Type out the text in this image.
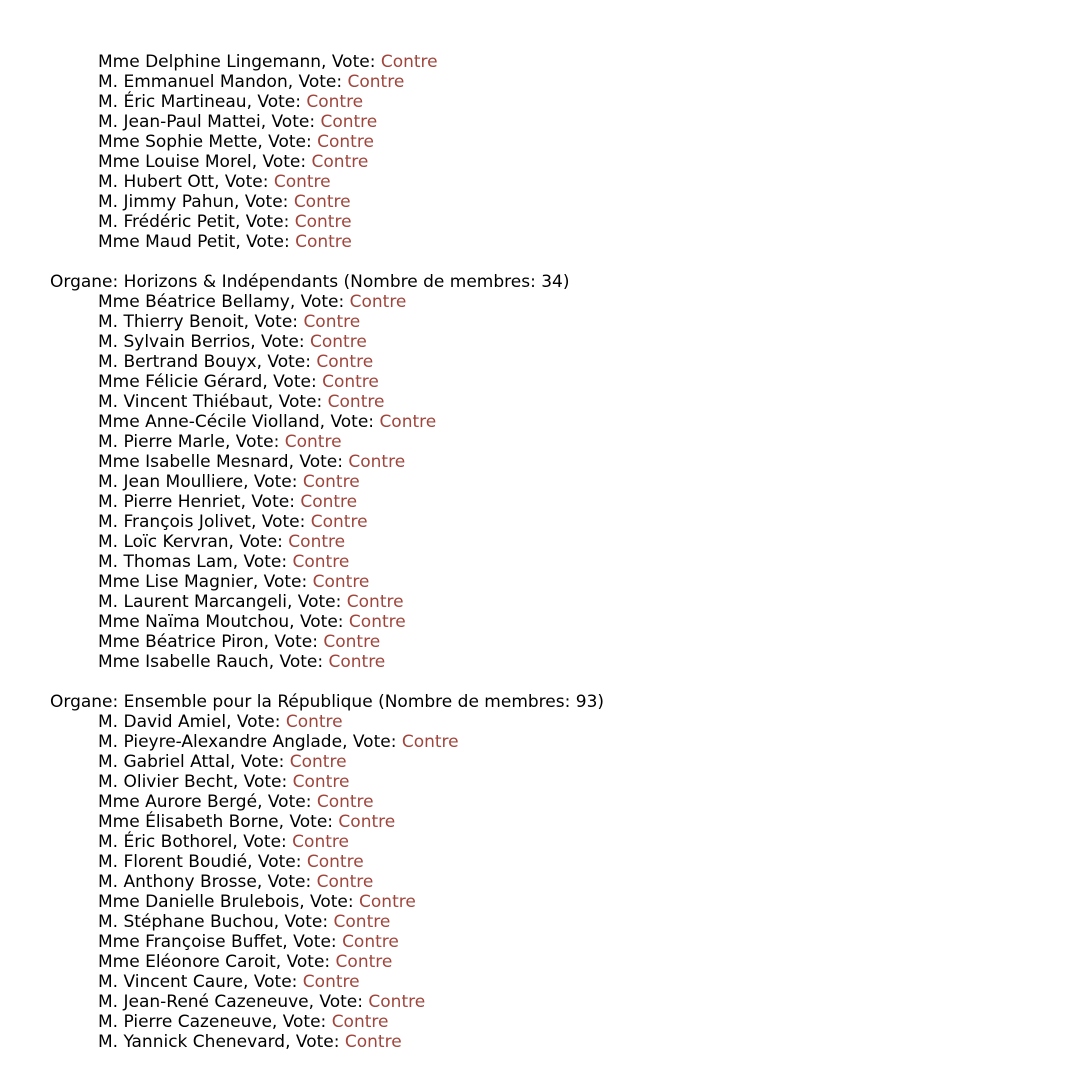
Mme Delphine Lingemann, Vote: Contre
M. Emmanuel Mandon, Vote: Contre
M. Éric Martineau, Vote: Contre
M. Jean-Paul Mattei, Vote: Contre
Mme Sophie Mette, Vote: Contre
Mme Louise Morel, Vote: Contre
M. Hubert Ott, Vote: Contre
M. Jimmy Pahun, Vote: Contre
M. Frédéric Petit, Vote: Contre
Mme Maud Petit, Vote: Contre
Organe: Horizons & Indépendants (Nombre de membres: 34)
Mme Béatrice Bellamy, Vote: Contre
M. Thierry Benoit, Vote: Contre
M. Sylvain Berrios, Vote: Contre
M. Bertrand Bouyx, Vote: Contre
Mme Félicie Gérard, Vote: Contre
M. Vincent Thiébaut, Vote: Contre
Mme Anne-Cécile Violland, Vote: Contre
M. Pierre Marle, Vote: Contre
Mme Isabelle Mesnard, Vote: Contre
M. Jean Moulliere, Vote: Contre
M. Pierre Henriet, Vote: Contre
M. François Jolivet, Vote: Contre
M. Loïc Kervran, Vote: Contre
M. Thomas Lam, Vote: Contre
Mme Lise Magnier, Vote: Contre
M. Laurent Marcangeli, Vote: Contre
Mme Naïma Moutchou, Vote: Contre
Mme Béatrice Piron, Vote: Contre
Mme Isabelle Rauch, Vote: Contre
Organe: Ensemble pour la République (Nombre de membres: 93)
M. David Amiel, Vote: Contre
M. Pieyre-Alexandre Anglade, Vote: Contre
M. Gabriel Attal, Vote: Contre
M. Olivier Becht, Vote: Contre
Mme Aurore Bergé, Vote: Contre
Mme Élisabeth Borne, Vote: Contre
M. Éric Bothorel, Vote: Contre
M. Florent Boudié, Vote: Contre
M. Anthony Brosse, Vote: Contre
Mme Danielle Brulebois, Vote: Contre
M. Stéphane Buchou, Vote: Contre
Mme Françoise Buffet, Vote: Contre
Mme Eléonore Caroit, Vote: Contre
M. Vincent Caure, Vote: Contre
M. Jean-René Cazeneuve, Vote: Contre
M. Pierre Cazeneuve, Vote: Contre
M. Yannick Chenevard, Vote: Contre
